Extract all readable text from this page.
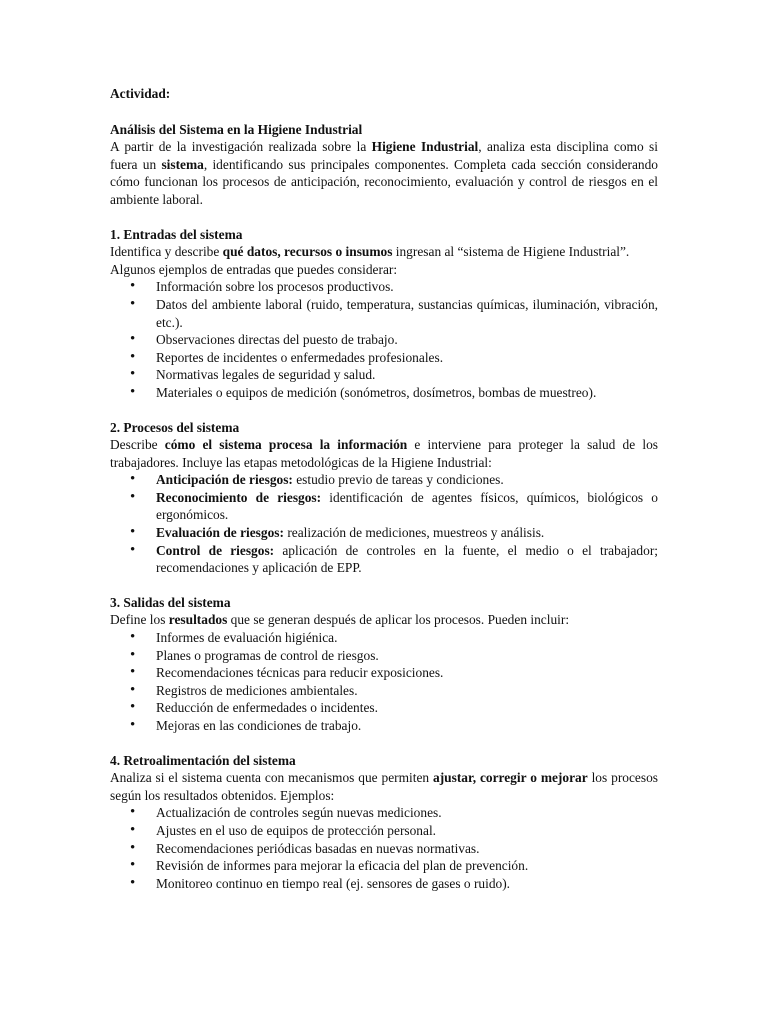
Actividad:

Análisis del Sistema en la Higiene Industrial

A partir de la investigación realizada sobre la Higiene Industrial, analiza esta disciplina como si fuera un sistema, identificando sus principales componentes. Completa cada sección considerando cómo funcionan los procesos de anticipación, reconocimiento, evaluación y control de riesgos en el ambiente laboral.

1. Entradas del sistema

Identifica y describe qué datos, recursos o insumos ingresan al “sistema de Higiene Industrial”.

Algunos ejemplos de entradas que puedes considerar:

• Información sobre los procesos productivos.
• Datos del ambiente laboral (ruido, temperatura, sustancias químicas, iluminación, vibración, etc.).
• Observaciones directas del puesto de trabajo.
• Reportes de incidentes o enfermedades profesionales.
• Normativas legales de seguridad y salud.
• Materiales o equipos de medición (sonómetros, dosímetros, bombas de muestreo).

2. Procesos del sistema

Describe cómo el sistema procesa la información e interviene para proteger la salud de los trabajadores. Incluye las etapas metodológicas de la Higiene Industrial:

• Anticipación de riesgos: estudio previo de tareas y condiciones.
• Reconocimiento de riesgos: identificación de agentes físicos, químicos, biológicos o ergonómicos.
• Evaluación de riesgos: realización de mediciones, muestreos y análisis.
• Control de riesgos: aplicación de controles en la fuente, el medio o el trabajador; recomendaciones y aplicación de EPP.

3. Salidas del sistema

Define los resultados que se generan después de aplicar los procesos. Pueden incluir:

• Informes de evaluación higiénica.
• Planes o programas de control de riesgos.
• Recomendaciones técnicas para reducir exposiciones.
• Registros de mediciones ambientales.
• Reducción de enfermedades o incidentes.
• Mejoras en las condiciones de trabajo.

4. Retroalimentación del sistema

Analiza si el sistema cuenta con mecanismos que permiten ajustar, corregir o mejorar los procesos según los resultados obtenidos. Ejemplos:

• Actualización de controles según nuevas mediciones.
• Ajustes en el uso de equipos de protección personal.
• Recomendaciones periódicas basadas en nuevas normativas.
• Revisión de informes para mejorar la eficacia del plan de prevención.
• Monitoreo continuo en tiempo real (ej. sensores de gases o ruido).
